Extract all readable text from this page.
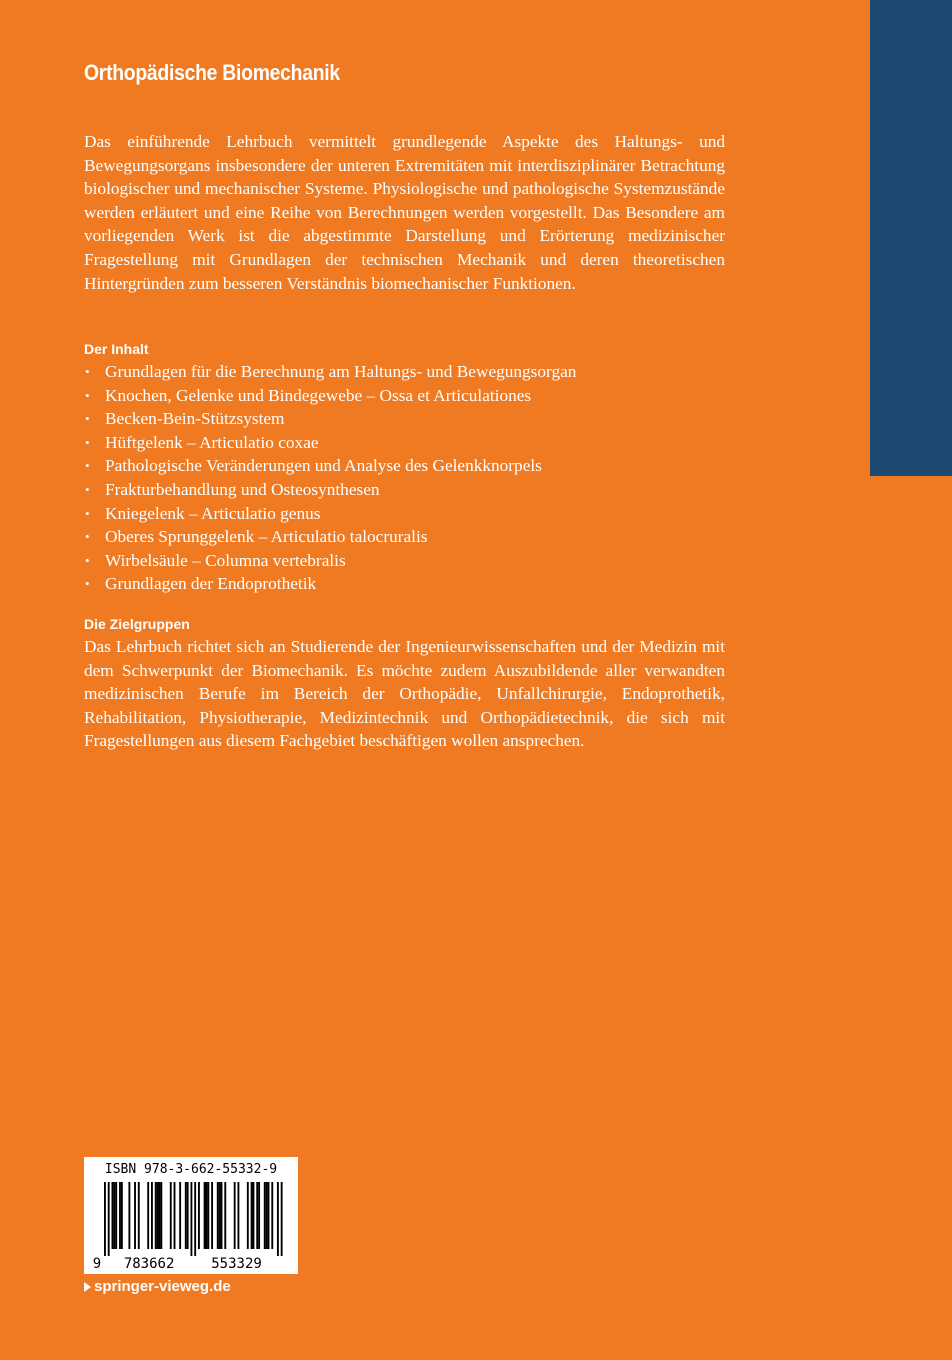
Orthopädische Biomechanik
Das einführende Lehrbuch vermittelt grundlegende Aspekte des Haltungs- und Bewegungsorgans insbesondere der unteren Extremitäten mit interdisziplinärer Betrachtung biologischer und mechanischer Systeme. Physiologische und pathologische Systemzustände werden erläutert und eine Reihe von Berechnungen werden vorgestellt. Das Besondere am vorliegenden Werk ist die abgestimmte Darstellung und Erörterung medizinischer Fragestellung mit Grundlagen der technischen Mechanik und deren theoretischen Hintergründen zum besseren Verständnis biomechanischer Funktionen.
Der Inhalt
• Grundlagen für die Berechnung am Haltungs- und Bewegungsorgan
• Knochen, Gelenke und Bindegewebe – Ossa et Articulationes
• Becken-Bein-Stützsystem
• Hüftgelenk – Articulatio coxae
• Pathologische Veränderungen und Analyse des Gelenkknorpels
• Frakturbehandlung und Osteosynthesen
• Kniegelenk – Articulatio genus
• Oberes Sprunggelenk – Articulatio talocruralis
• Wirbelsäule – Columna vertebralis
• Grundlagen der Endoprothetik
Die Zielgruppen
Das Lehrbuch richtet sich an Studierende der Ingenieurwissenschaften und der Medizin mit dem Schwerpunkt der Biomechanik. Es möchte zudem Auszubildende aller verwandten medizinischen Berufe im Bereich der Orthopädie, Unfallchirurgie, Endoprothetik, Rehabilitation, Physiotherapie, Medizintechnik und Orthopädietechnik, die sich mit Fragestellungen aus diesem Fachgebiet beschäftigen wollen ansprechen.
ISBN 978-3-662-55332-9
9 783662	553329
springer-vieweg.de
